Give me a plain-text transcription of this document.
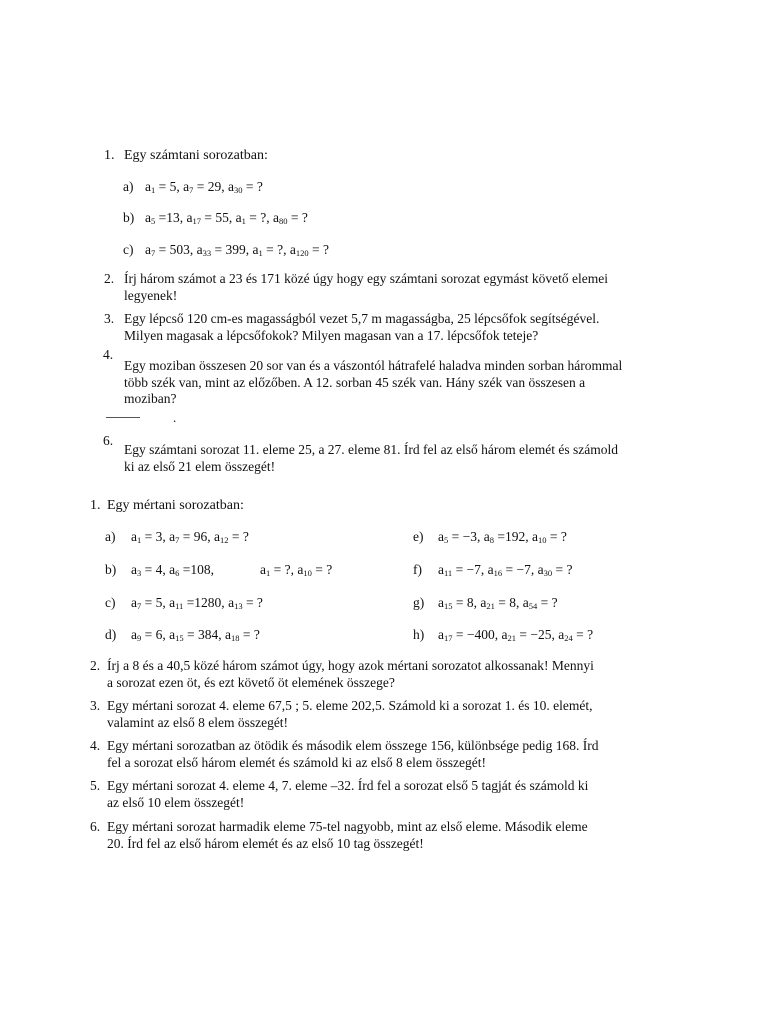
1. Egy számtani sorozatban:
a) $a_1 = 5$, $a_7 = 29$, $a_{30}$ = ?
b) $a_5 =13$, $a_{17} = 55$, $a_1$ = ?, $a_{80}$ = ?
c) $a_7 = 503$, $a_{33} = 399$, $a_1$ = ?, $a_{120}$ = ?
2. Írj három számot a 23 és 171 közé úgy hogy egy számtani sorozat egymást követő elemei
legyenek!
3. Egy lépcső 120 cm-es magasságból vezet 5,7 m magasságba, 25 lépcsőfok segítségével.
Milyen magasak a lépcsőfokok? Milyen magasan van a 17. lépcsőfok teteje?
4.
Egy moziban összesen 20 sor van és a vászontól hátrafelé haladva minden sorban hárommal
több szék van, mint az előzőben. A 12. sorban 45 szék van. Hány szék van összesen a
moziban?
.
6.
Egy számtani sorozat 11. eleme 25, a 27. eleme 81. Írd fel az első három elemét és számold
ki az első 21 elem összegét!
1. Egy mértani sorozatban:
a) $a_1 = 3$, $a_7 = 96$, $a_{12}$ = ?
b) $a_3 = 4$, $a_6 =108$,	$a_1$ = ?, $a_{10}$ = ?
c) $a_7 = 5$, $a_{11} =1280$, $a_{13}$ = ?
d) $a_9 = 6$, $a_{15} = 384$, $a_{18}$ = ?
e) $a_5 = -3$, $a_8 =192$, $a_{10}$ = ?
f) $a_{11} = -7$, $a_{16} = -7$, $a_{30}$ = ?
g) $a_{15} = 8$, $a_{21} = 8$, $a_{54}$ = ?
h) $a_{17} = -400$, $a_{21} = -25$, $a_{24}$ = ?
2. Írj a 8 és a 40,5 közé három számot úgy, hogy azok mértani sorozatot alkossanak! Mennyi
a sorozat ezen öt, és ezt követő öt elemének összege?
3. Egy mértani sorozat 4. eleme 67,5 ; 5. eleme 202,5. Számold ki a sorozat 1. és 10. elemét,
valamint az első 8 elem összegét!
4. Egy mértani sorozatban az ötödik és második elem összege 156, különbsége pedig 168. Írd
fel a sorozat első három elemét és számold ki az első 8 elem összegét!
5. Egy mértani sorozat 4. eleme 4, 7. eleme –32. Írd fel a sorozat első 5 tagját és számold ki
az első 10 elem összegét!
6. Egy mértani sorozat harmadik eleme 75-tel nagyobb, mint az első eleme. Második eleme
20. Írd fel az első három elemét és az első 10 tag összegét!
